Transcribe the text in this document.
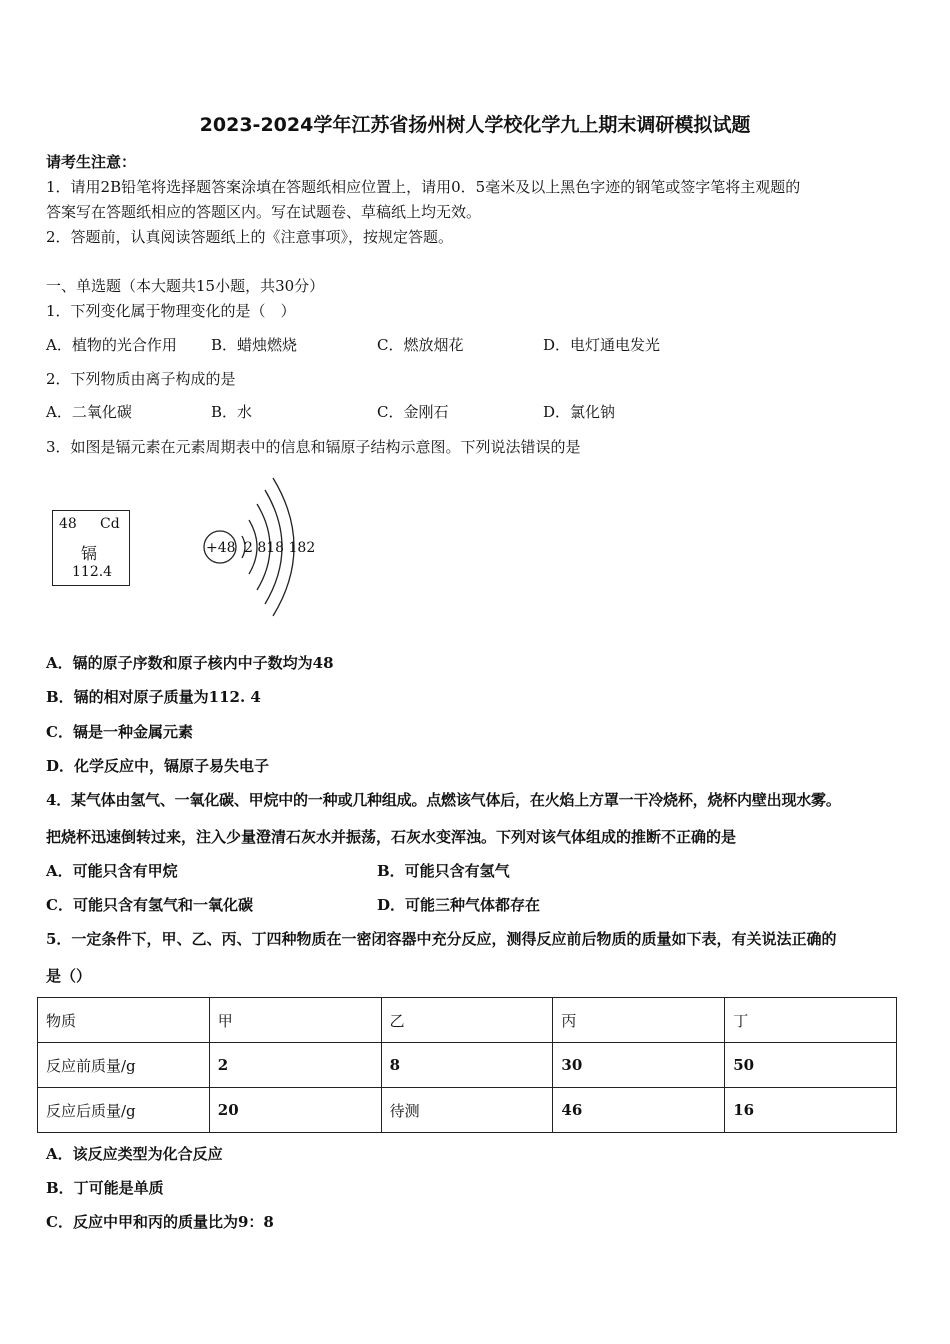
2023-2024学年江苏省扬州树人学校化学九上期末调研模拟试题
请考生注意：
1．请用2B铅笔将选择题答案涂填在答题纸相应位置上，请用0．5毫米及以上黑色字迹的钢笔或签字笔将主观题的
答案写在答题纸相应的答题区内。写在试题卷、草稿纸上均无效。
2．答题前，认真阅读答题纸上的《注意事项》，按规定答题。
一、单选题（本大题共15小题，共30分）
1．下列变化属于物理变化的是（　）
A．植物的光合作用 B．蜡烛燃烧	C．燃放烟花	D．电灯通电发光
2．下列物质由离子构成的是
A．二氧化碳	B．水	C．金刚石	D．氯化钠
3．如图是镉元素在元素周期表中的信息和镉原子结构示意图。下列说法错误的是
48 Cd
镉
112.4
+48 2 818 182
A．镉的原子序数和原子核内中子数均为48
B．镉的相对原子质量为112. 4
C．镉是一种金属元素
D．化学反应中，镉原子易失电子
4．某气体由氢气、一氧化碳、甲烷中的一种或几种组成。点燃该气体后，在火焰上方罩一干冷烧杯，烧杯内壁出现水雾。
把烧杯迅速倒转过来，注入少量澄清石灰水并振荡，石灰水变浑浊。下列对该气体组成的推断不正确的是
A．可能只含有甲烷	B．可能只含有氢气
C．可能只含有氢气和一氧化碳	D．可能三种气体都存在
5．一定条件下，甲、乙、丙、丁四种物质在一密闭容器中充分反应，测得反应前后物质的质量如下表，有关说法正确的
是（）
物质	甲	乙	丙	丁
反应前质量/g	2	8	30	50
反应后质量/g	20	待测	46	16
A．该反应类型为化合反应
B．丁可能是单质
C．反应中甲和丙的质量比为9：8
